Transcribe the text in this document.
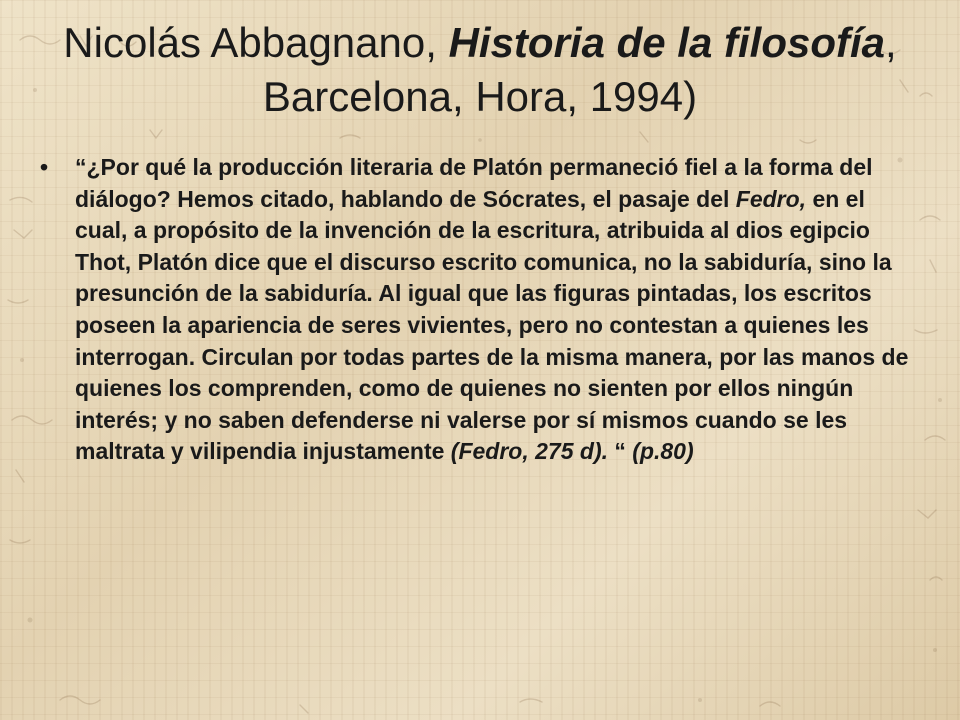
Nicolás Abbagnano, Historia de la filosofía, Barcelona, Hora, 1994)
• “¿Por qué la producción literaria de Platón permaneció fiel a la forma del diálogo? Hemos citado, hablando de Sócrates, el pasaje del Fedro, en el cual, a propósito de la invención de la escritura, atribuida al dios egipcio Thot, Platón dice que el discurso escrito comunica, no la sabiduría, sino la presunción de la sabiduría. Al igual que las figuras pintadas, los escritos poseen la apariencia de seres vivientes, pero no contestan a quienes les interrogan. Circulan por todas partes de la misma manera, por las manos de quienes los comprenden, como de quienes no sienten por ellos ningún interés; y no saben defenderse ni valerse por sí mismos cuando se les maltrata y vilipendia injustamente (Fedro, 275 d). “ (p.80)
